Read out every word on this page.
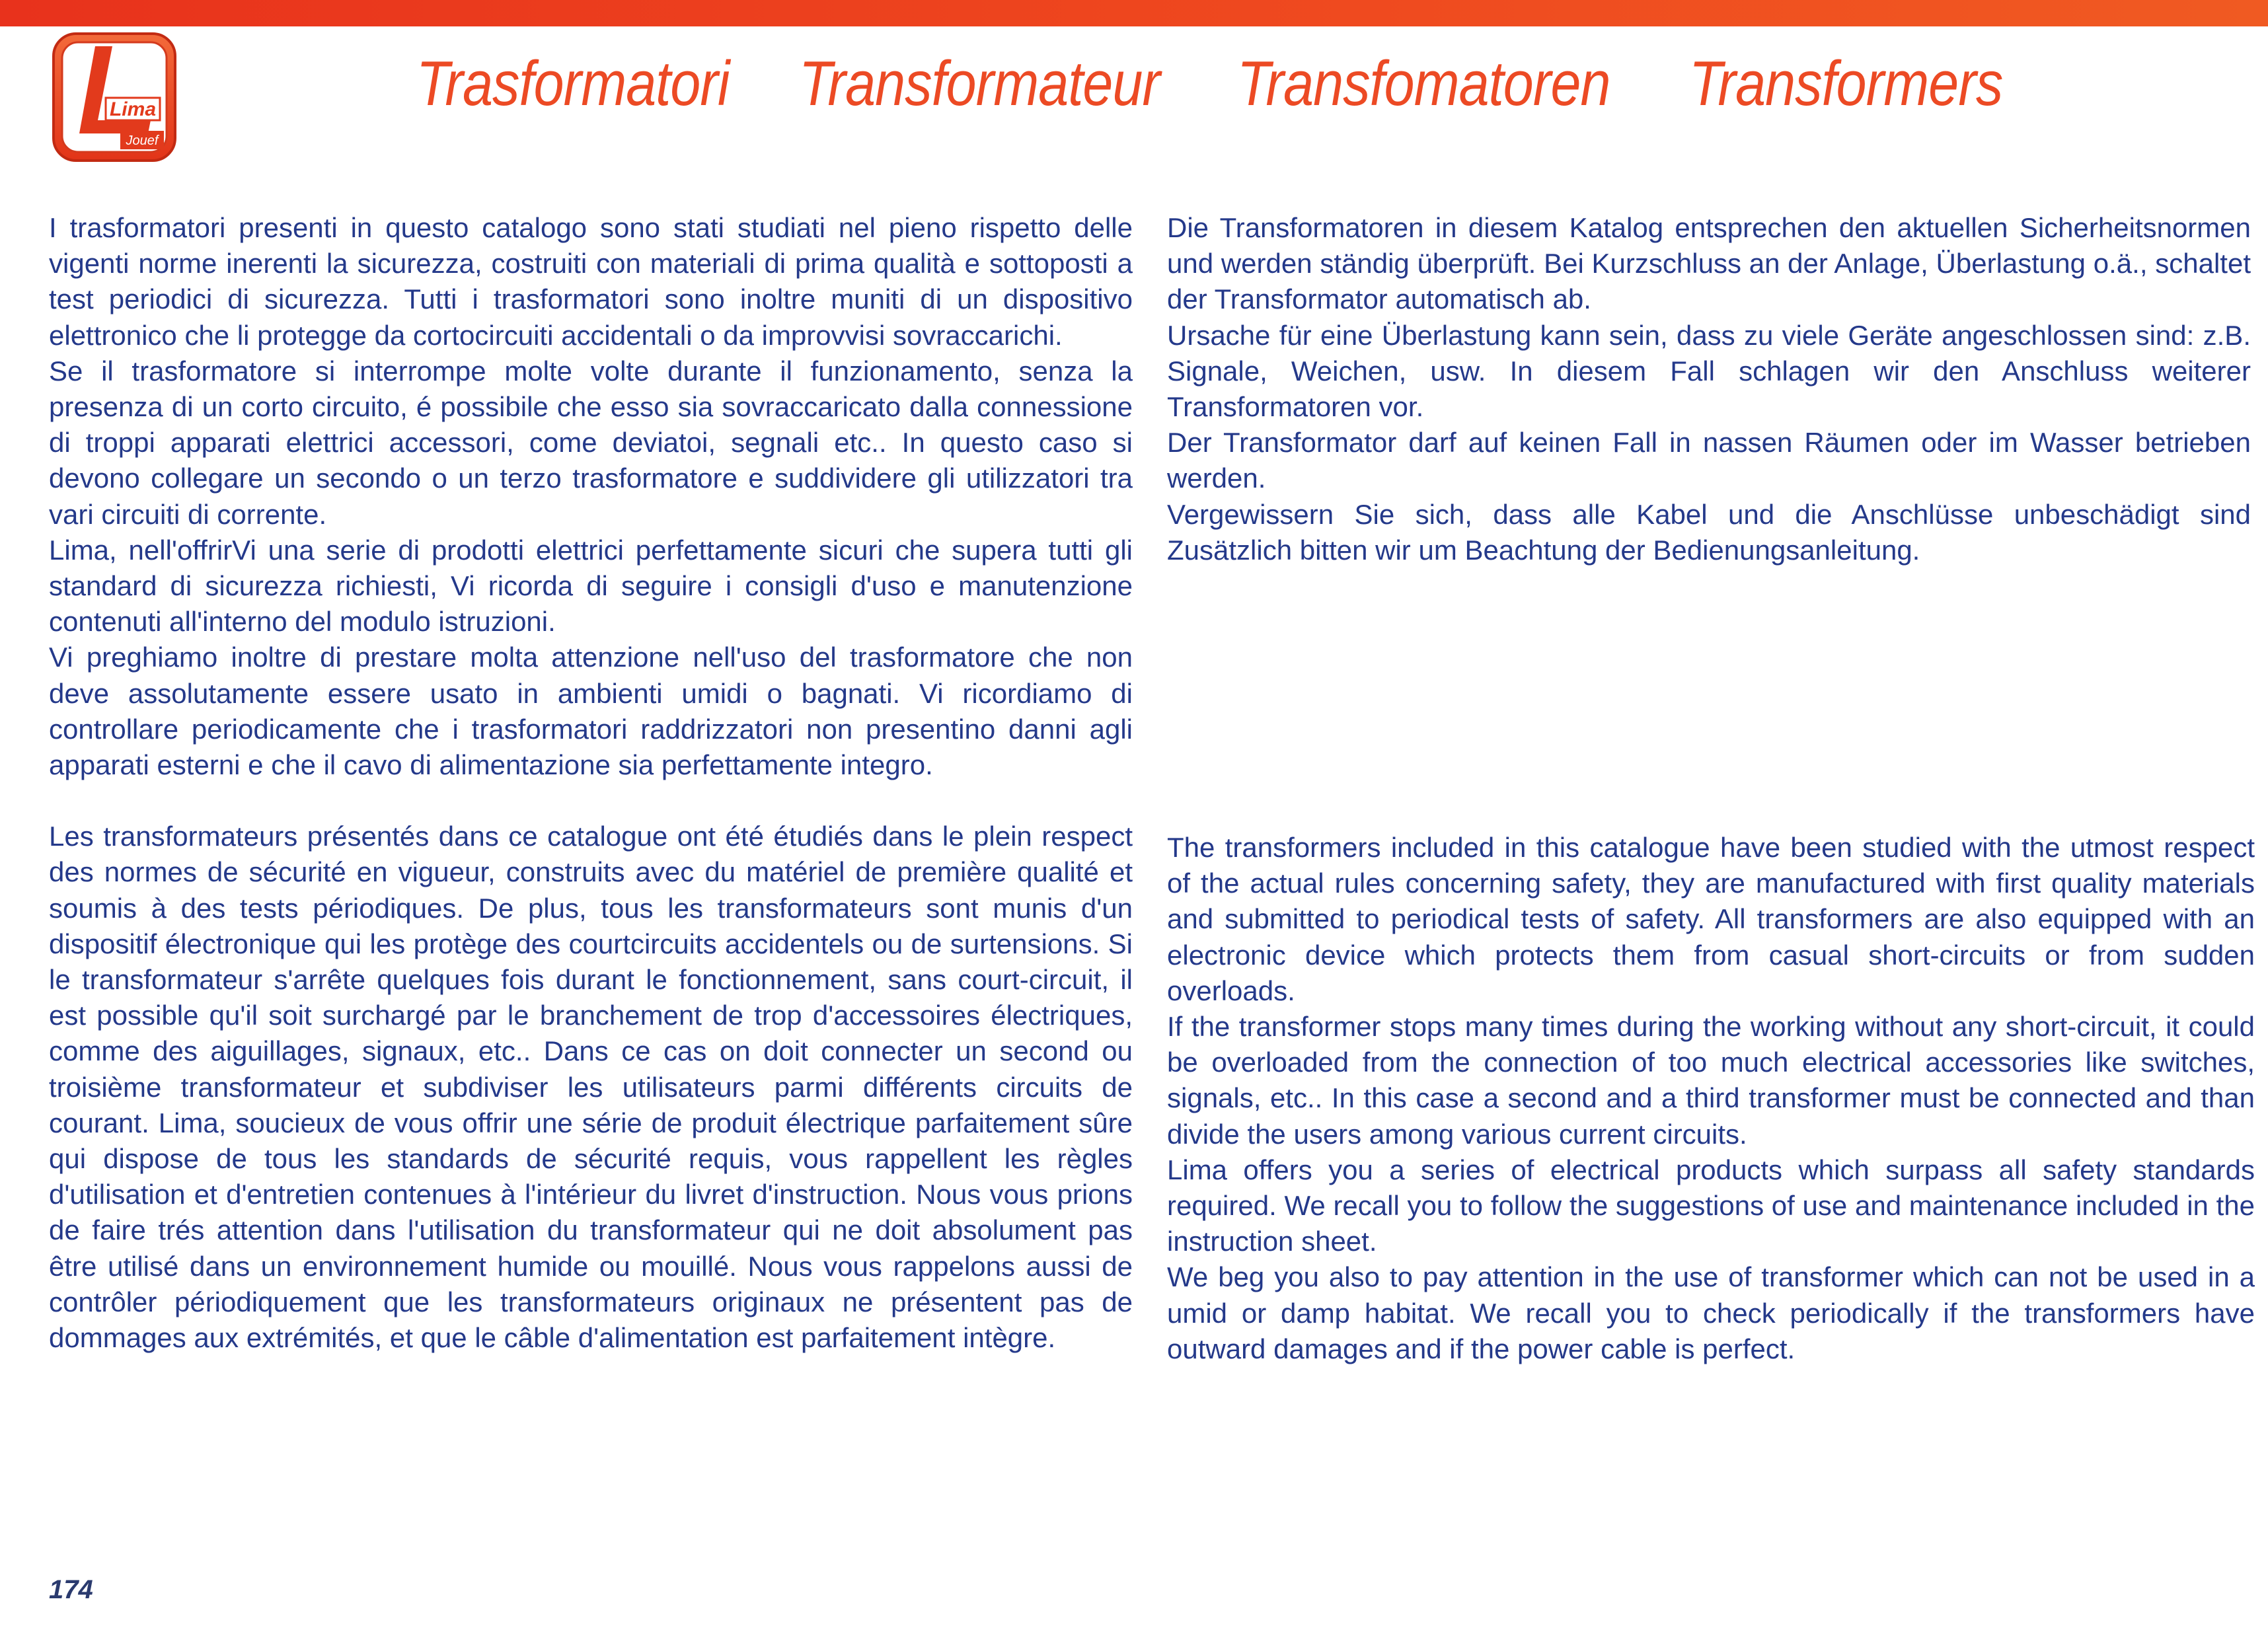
Lima
Jouef
Trasformatori Transformateur Transfomatoren Transformers

I trasformatori presenti in questo catalogo sono stati studiati nel pieno rispetto delle vigenti norme inerenti la sicurezza, costruiti con materiali di prima qualità e sottoposti a test periodici di sicurezza. Tutti i trasformatori sono inoltre muniti di un dispositivo elettronico che li protegge da cortocircuiti accidentali o da improvvisi sovraccarichi.

Se il trasformatore si interrompe molte volte durante il funzionamento, senza la presenza di un corto circuito, é possibile che esso sia sovraccaricato dalla connessione di troppi apparati elettrici accessori, come deviatoi, segnali etc.. In questo caso si devono collegare un secondo o un terzo trasformatore e suddividere gli utilizzatori tra vari circuiti di corrente.

Lima, nell'offrirVi una serie di prodotti elettrici perfettamente sicuri che supera tutti gli standard di sicurezza richiesti, Vi ricorda di seguire i consigli d'uso e manutenzione contenuti all'interno del modulo istruzioni.

Vi preghiamo inoltre di prestare molta attenzione nell'uso del trasformatore che non deve assolutamente essere usato in ambienti umidi o bagnati. Vi ricordiamo di controllare periodicamente che i trasformatori raddrizzatori non presentino danni agli apparati esterni e che il cavo di alimentazione sia perfettamente integro.

Les transformateurs présentés dans ce catalogue ont été étudiés dans le plein respect des normes de sécurité en vigueur, construits avec du matériel de première qualité et soumis à des tests périodiques. De plus, tous les transformateurs sont munis d'un dispositif électronique qui les protège des courtcircuits accidentels ou de surtensions. Si le transformateur s'arrête quelques fois durant le fonctionnement, sans court-circuit, il est possible qu'il soit surchargé par le branchement de trop d'accessoires électriques, comme des aiguillages, signaux, etc.. Dans ce cas on doit connecter un second ou troisième transformateur et subdiviser les utilisateurs parmi différents circuits de courant. Lima, soucieux de vous offrir une série de produit électrique parfaitement sûre qui dispose de tous les standards de sécurité requis, vous rappellent les règles d'utilisation et d'entretien contenues à l'intérieur du livret d'instruction. Nous vous prions de faire trés attention dans l'utilisation du transformateur qui ne doit absolument pas être utilisé dans un environnement humide ou mouillé. Nous vous rappelons aussi de contrôler périodiquement que les transformateurs originaux ne présentent pas de dommages aux extrémités, et que le câble d'alimentation est parfaitement intègre.

Die Transformatoren in diesem Katalog entsprechen den aktuellen Sicherheitsnormen und werden ständig überprüft. Bei Kurzschluss an der Anlage, Überlastung o.ä., schaltet der Transformator automatisch ab.

Ursache für eine Überlastung kann sein, dass zu viele Geräte angeschlossen sind: z.B. Signale, Weichen, usw. In diesem Fall schlagen wir den Anschluss weiterer Transformatoren vor.

Der Transformator darf auf keinen Fall in nassen Räumen oder im Wasser betrieben werden.

Vergewissern Sie sich, dass alle Kabel und die Anschlüsse unbeschädigt sind Zusätzlich bitten wir um Beachtung der Bedienungsanleitung.

The transformers included in this catalogue have been studied with the utmost respect of the actual rules concerning safety, they are manufactured with first quality materials and submitted to periodical tests of safety. All transformers are also equipped with an electronic device which protects them from casual short-circuits or from sudden overloads.

If the transformer stops many times during the working without any short-circuit, it could be overloaded from the connection of too much electrical accessories like switches, signals, etc.. In this case a second and a third transformer must be connected and than divide the users among various current circuits.

Lima offers you a series of electrical products which surpass all safety standards required. We recall you to follow the suggestions of use and maintenance included in the instruction sheet.

We beg you also to pay attention in the use of transformer which can not be used in a umid or damp habitat. We recall you to check periodically if the transformers have outward damages and if the power cable is perfect.

174
